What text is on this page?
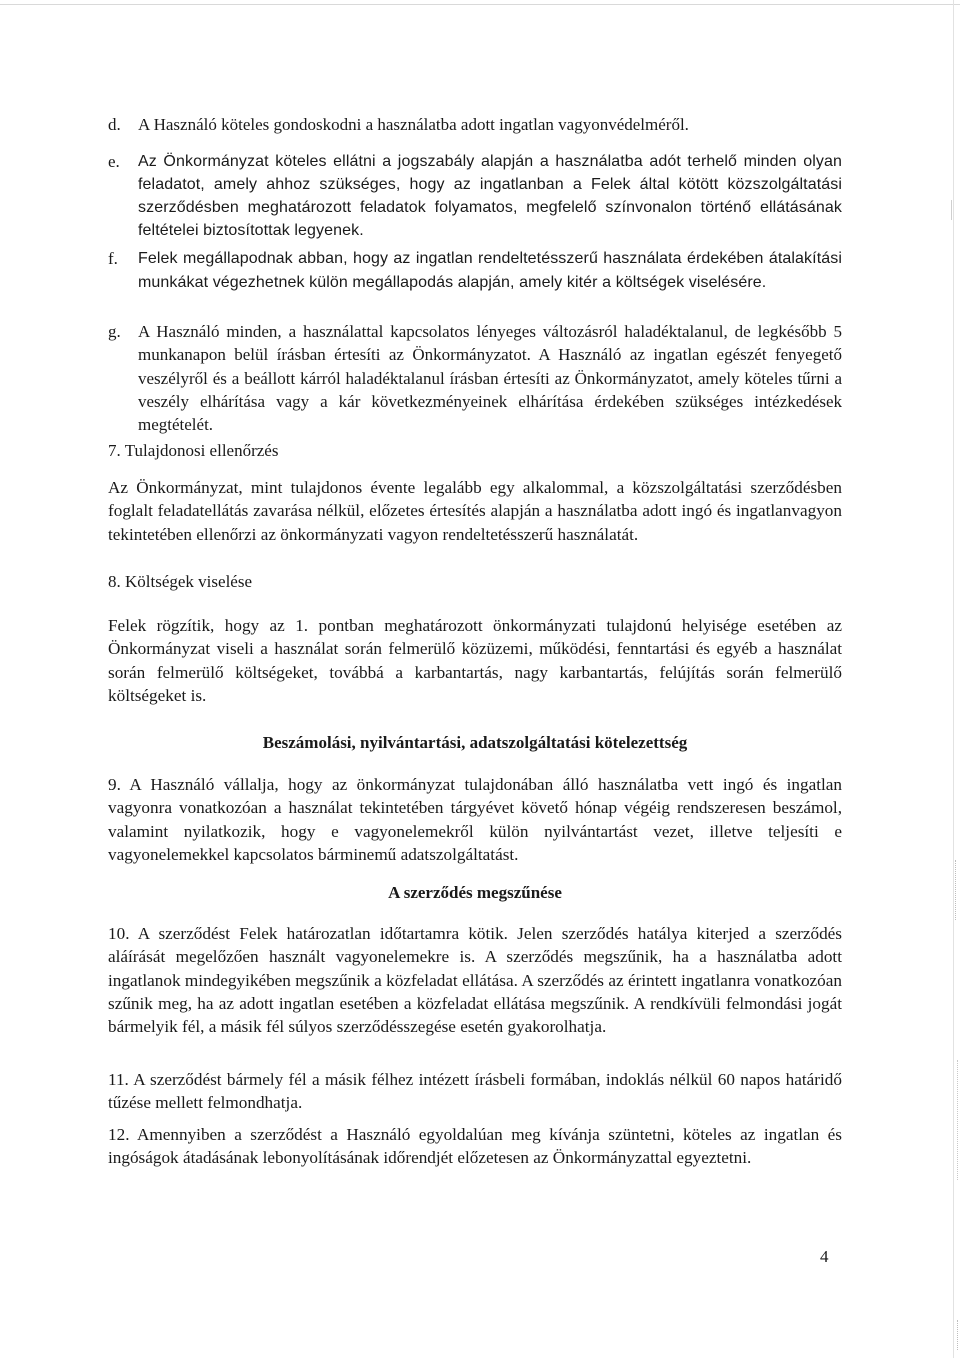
d. A Használó köteles gondoskodni a használatba adott ingatlan vagyonvédelméről.

e. Az Önkormányzat köteles ellátni a jogszabály alapján a használatba adót terhelő minden olyan feladatot, amely ahhoz szükséges, hogy az ingatlanban a Felek által kötött közszolgáltatási szerződésben meghatározott feladatok folyamatos, megfelelő színvonalon történő ellátásának feltételei biztosítottak legyenek.

f. Felek megállapodnak abban, hogy az ingatlan rendeltetésszerű használata érdekében átalakítási munkákat végezhetnek külön megállapodás alapján, amely kitér a költségek viselésére.

g. A Használó minden, a használattal kapcsolatos lényeges változásról haladéktalanul, de legkésőbb 5 munkanapon belül írásban értesíti az Önkormányzatot. A Használó az ingatlan egészét fenyegető veszélyről és a beállott kárról haladéktalanul írásban értesíti az Önkormányzatot, amely köteles tűrni a veszély elhárítása vagy a kár következményeinek elhárítása érdekében szükséges intézkedések megtételét.

7. Tulajdonosi ellenőrzés

Az Önkormányzat, mint tulajdonos évente legalább egy alkalommal, a közszolgáltatási szerződésben foglalt feladatellátás zavarása nélkül, előzetes értesítés alapján a használatba adott ingó és ingatlanvagyon tekintetében ellenőrzi az önkormányzati vagyon rendeltetésszerű használatát.

8. Költségek viselése

Felek rögzítik, hogy az 1. pontban meghatározott önkormányzati tulajdonú helyisége esetében az Önkormányzat viseli a használat során felmerülő közüzemi, működési, fenntartási és egyéb a használat során felmerülő költségeket, továbbá a karbantartás, nagy karbantartás, felújítás során felmerülő költségeket is.

Beszámolási, nyilvántartási, adatszolgáltatási kötelezettség

9. A Használó vállalja, hogy az önkormányzat tulajdonában álló használatba vett ingó és ingatlan vagyonra vonatkozóan a használat tekintetében tárgyévet követő hónap végéig rendszeresen beszámol, valamint nyilatkozik, hogy e vagyonelemekről külön nyilvántartást vezet, illetve teljesíti e vagyonelemekkel kapcsolatos bárminemű adatszolgáltatást.

A szerződés megszűnése

10. A szerződést Felek határozatlan időtartamra kötik. Jelen szerződés hatálya kiterjed a szerződés aláírását megelőzően használt vagyonelemekre is. A szerződés megszűnik, ha a használatba adott ingatlanok mindegyikében megszűnik a közfeladat ellátása. A szerződés az érintett ingatlanra vonatkozóan szűnik meg, ha az adott ingatlan esetében a közfeladat ellátása megszűnik. A rendkívüli felmondási jogát bármelyik fél, a másik fél súlyos szerződésszegése esetén gyakorolhatja.

11. A szerződést bármely fél a másik félhez intézett írásbeli formában, indoklás nélkül 60 napos határidő tűzése mellett felmondhatja.

12. Amennyiben a szerződést a Használó egyoldalúan meg kívánja szüntetni, köteles az ingatlan és ingóságok átadásának lebonyolításának időrendjét előzetesen az Önkormányzattal egyeztetni.

4
